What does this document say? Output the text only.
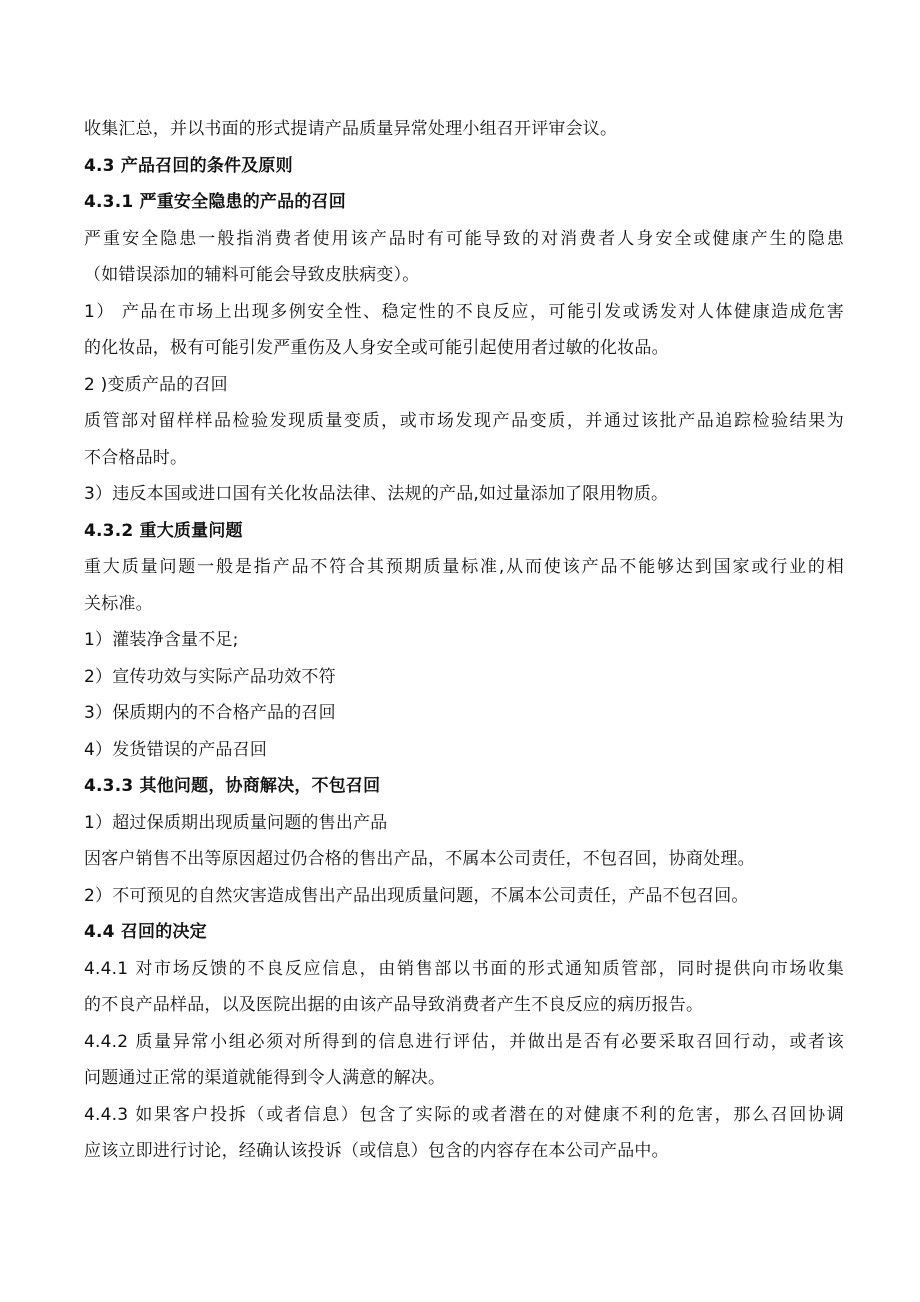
收集汇总，并以书面的形式提请产品质量异常处理小组召开评审会议。
4.3 产品召回的条件及原则
4.3.1 严重安全隐患的产品的召回
严重安全隐患一般指消费者使用该产品时有可能导致的对消费者人身安全或健康产生的隐患
（如错误添加的辅料可能会导致皮肤病变）。
1） 产品在市场上出现多例安全性、稳定性的不良反应，可能引发或诱发对人体健康造成危害
的化妆品，极有可能引发严重伤及人身安全或可能引起使用者过敏的化妆品。
2 )变质产品的召回
质管部对留样样品检验发现质量变质，或市场发现产品变质，并通过该批产品追踪检验结果为
不合格品时。
3）违反本国或进口国有关化妆品法律、法规的产品,如过量添加了限用物质。
4.3.2 重大质量问题
重大质量问题一般是指产品不符合其预期质量标准,从而使该产品不能够达到国家或行业的相
关标准。
1）灌装净含量不足;
2）宣传功效与实际产品功效不符
3）保质期内的不合格产品的召回
4）发货错误的产品召回
4.3.3 其他问题，协商解决，不包召回
1）超过保质期出现质量问题的售出产品
因客户销售不出等原因超过仍合格的售出产品，不属本公司责任，不包召回，协商处理。
2）不可预见的自然灾害造成售出产品出现质量问题，不属本公司责任，产品不包召回。
4.4 召回的决定
4.4.1 对市场反馈的不良反应信息，由销售部以书面的形式通知质管部，同时提供向市场收集
的不良产品样品，以及医院出据的由该产品导致消费者产生不良反应的病历报告。
4.4.2 质量异常小组必须对所得到的信息进行评估，并做出是否有必要采取召回行动，或者该
问题通过正常的渠道就能得到令人满意的解决。
4.4.3 如果客户投拆（或者信息）包含了实际的或者潜在的对健康不利的危害，那么召回协调
应该立即进行讨论，经确认该投诉（或信息）包含的内容存在本公司产品中。
